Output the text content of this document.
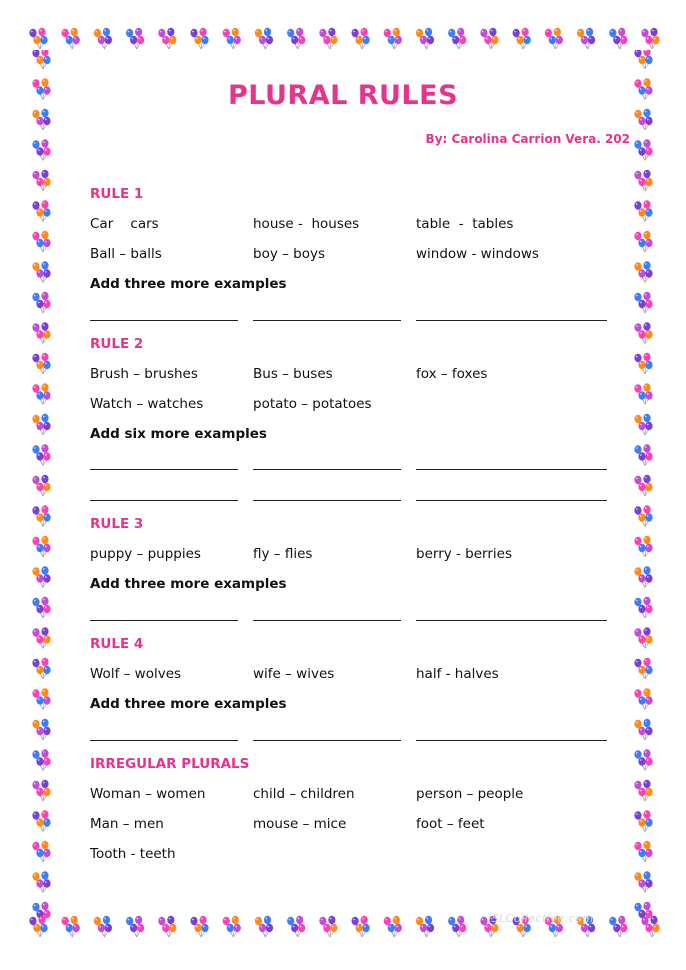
PLURAL RULES
By: Carolina Carrion Vera. 202
RULE 1
Car    cars	house -  houses	table  -  tables
Ball – balls	boy – boys	window - windows
Add three more examples
RULE 2
Brush – brushes	Bus – buses	fox – foxes
Watch – watches	potato – potatoes
Add six more examples
RULE 3
puppy – puppies	fly – flies	berry - berries
Add three more examples
RULE 4
Wolf – wolves	wife – wives	half - halves
Add three more examples
IRREGULAR PLURALS
Woman – women	child – children	person – people
Man – men	mouse – mice	foot – feet
Tooth - teeth
iSLCollective.com
